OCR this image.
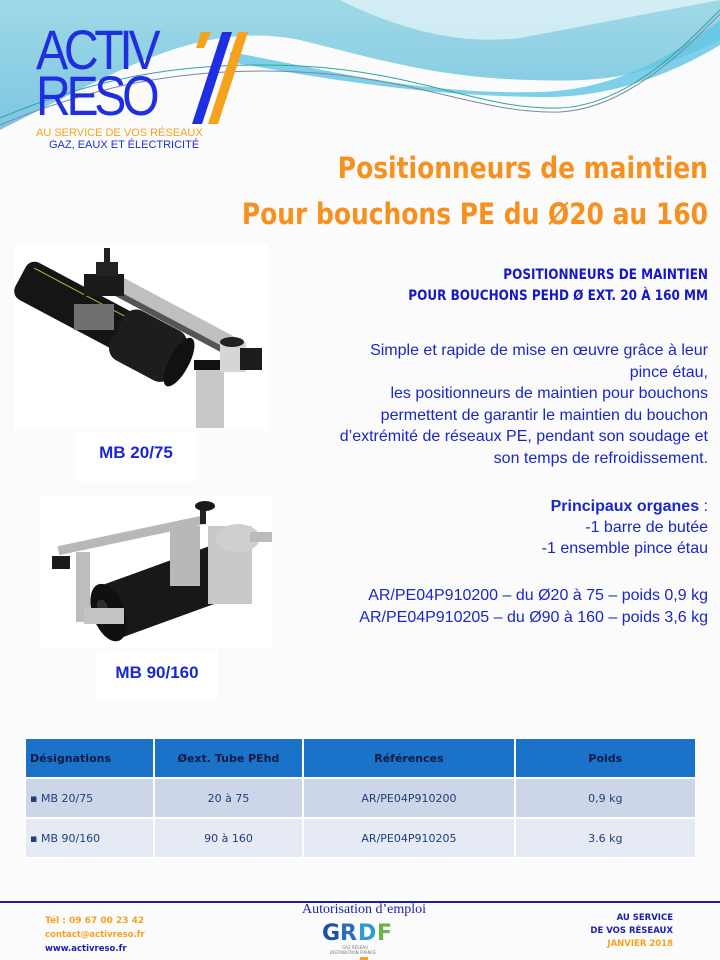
ACTIV
RESO
AU SERVICE DE VOS RÉSEAUX
GAZ, EAUX ET ÉLECTRICITÉ
Positionneurs de maintien
Pour bouchons PE du Ø20 au 160
MB 20/75
MB 90/160
POSITIONNEURS DE MAINTIEN
POUR BOUCHONS PEHD Ø EXT. 20 À 160 MM
Simple et rapide de mise en œuvre grâce à leur
pince étau,
les positionneurs de maintien pour bouchons
permettent de garantir le maintien du bouchon
d’extrémité de réseaux PE, pendant son soudage et
son temps de refroidissement.
Principaux organes :
-1 barre de butée
-1 ensemble pince étau
AR/PE04P910200 – du Ø20 à 75 – poids 0,9 kg
AR/PE04P910205 – du Ø90 à 160 – poids 3,6 kg
Désignations	Øext. Tube PEhd	Références	Poids
▪ MB 20/75	20 à 75	AR/PE04P910200	0,9 kg
▪ MB 90/160	90 à 160	AR/PE04P910205	3.6 kg
Tél : 09 67 00 23 42
contact@activreso.fr
www.activreso.fr
Autorisation d’emploi
G R D F
GAZ RÉSEAU
DISTRIBUTION FRANCE
AU SERVICE
DE VOS RÉSEAUX
JANVIER 2018
